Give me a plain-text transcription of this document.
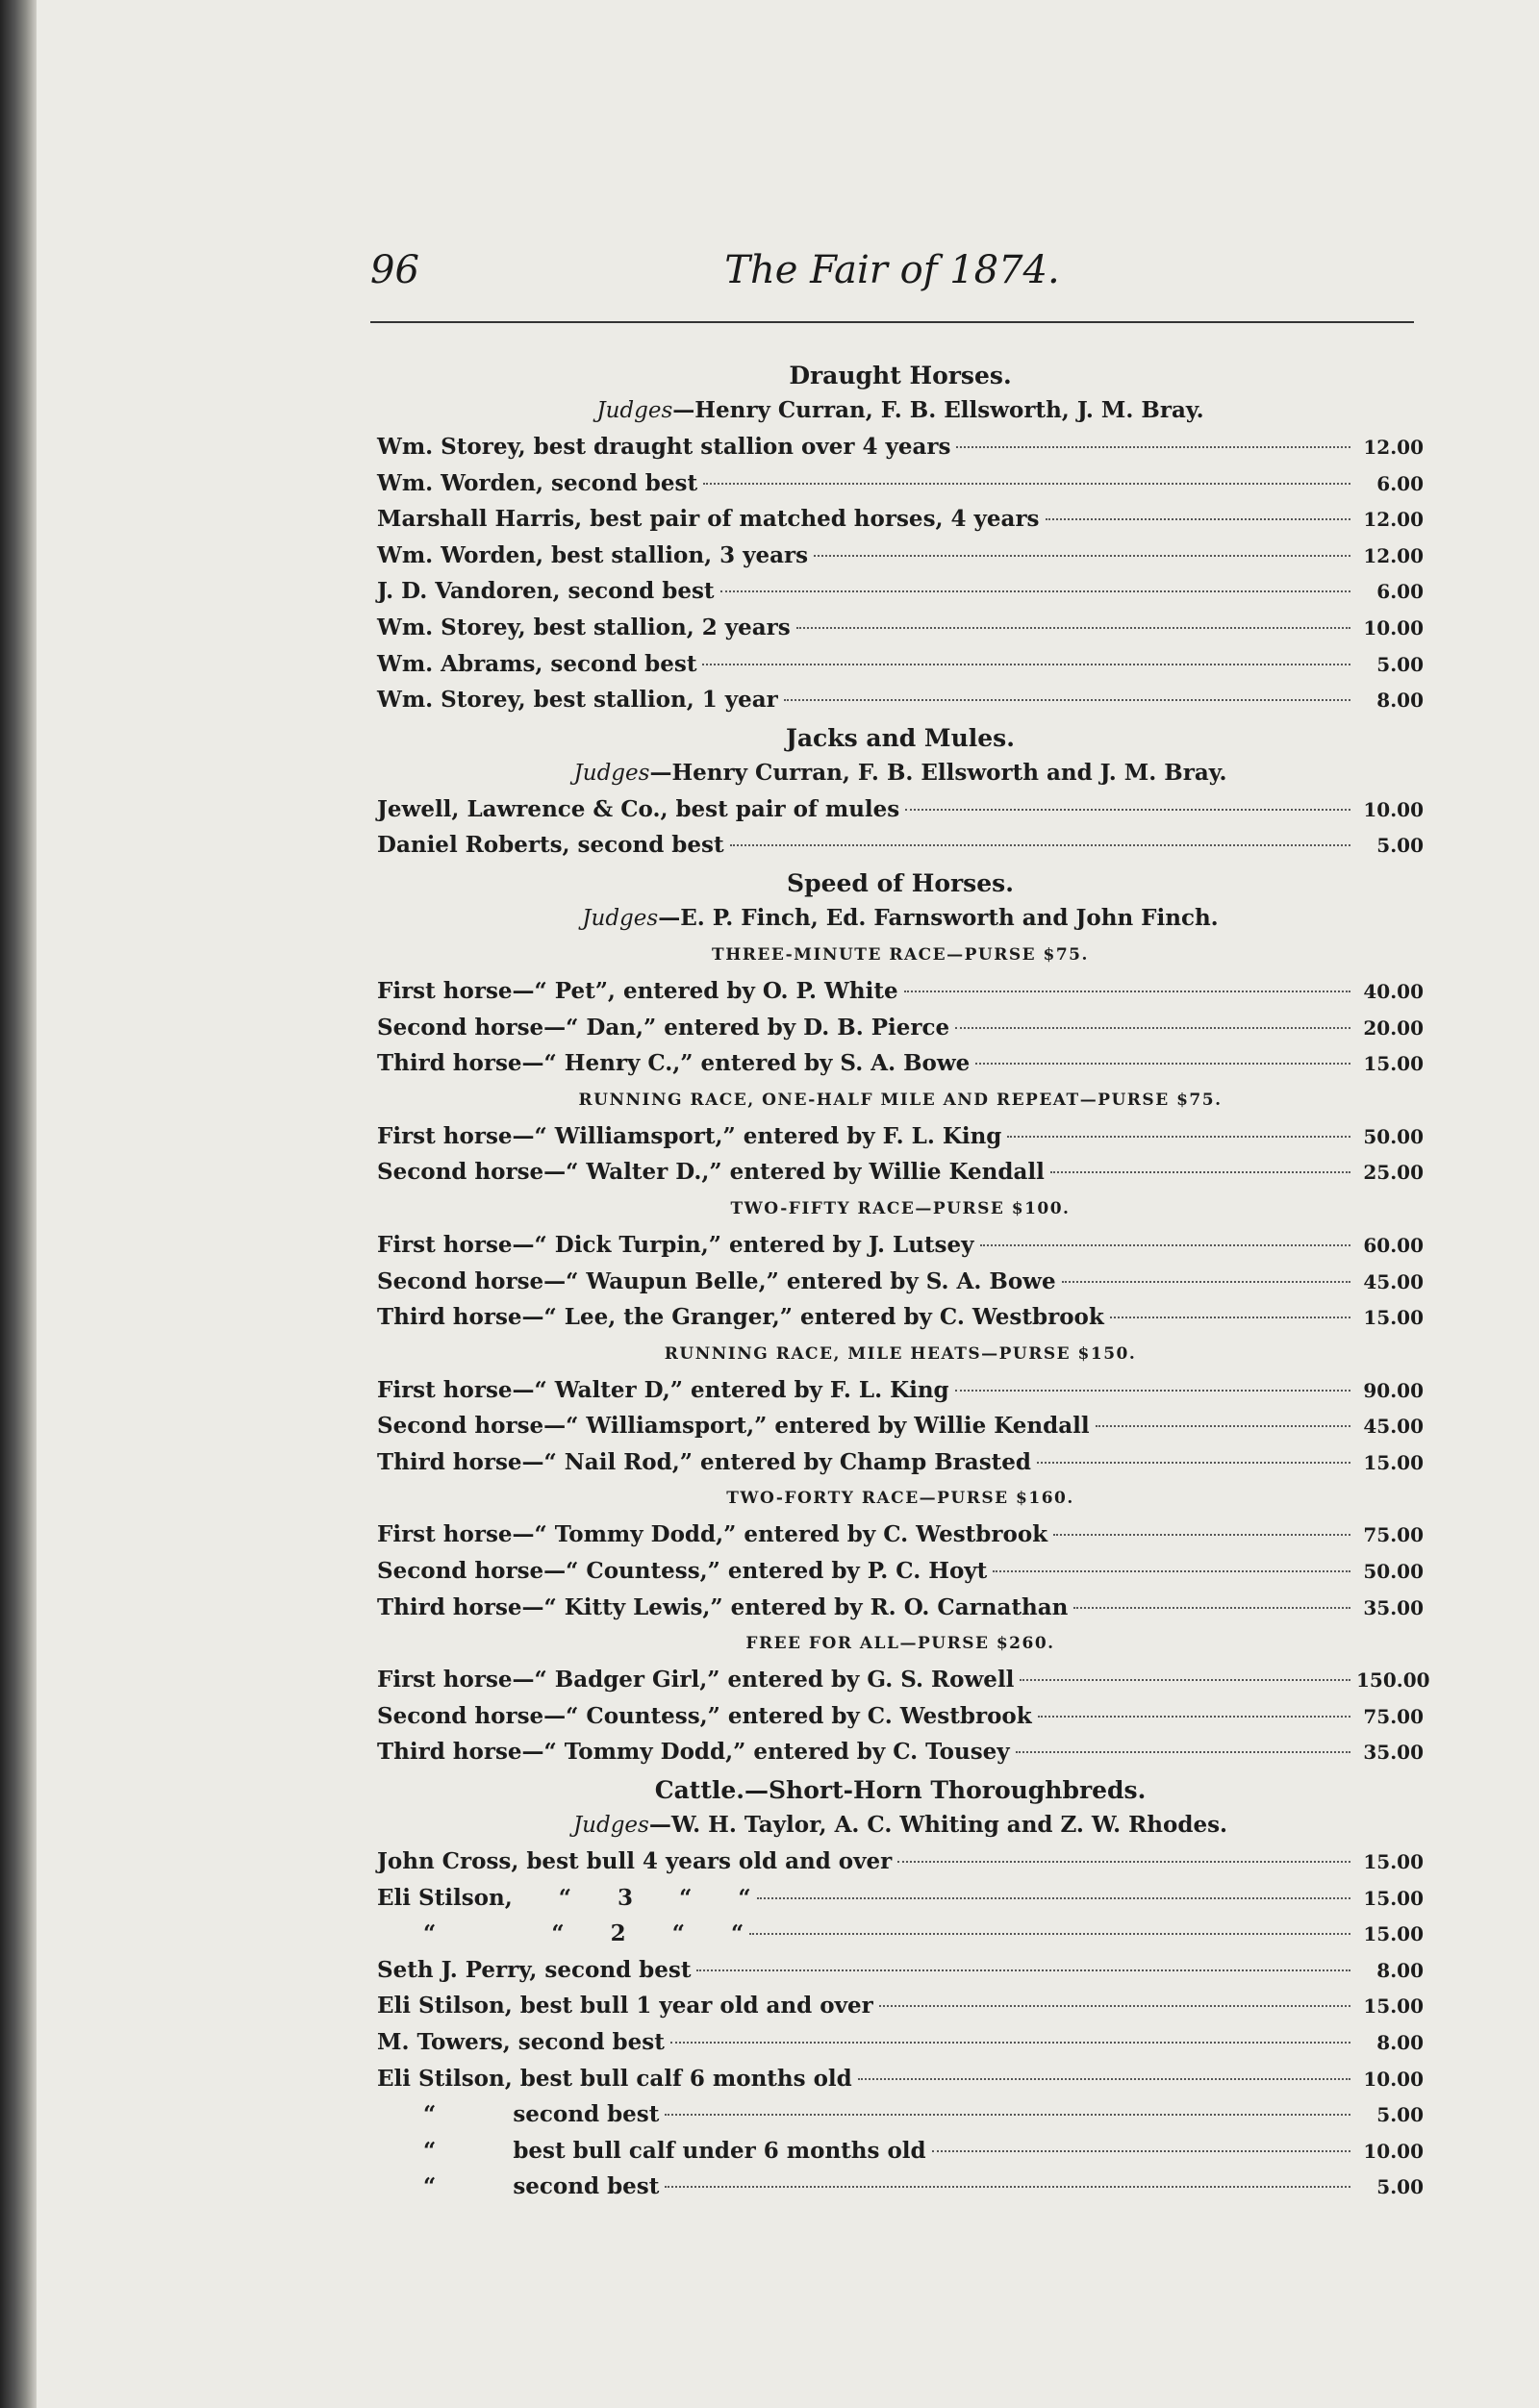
96	The Fair of 1874.
Draught Horses.
Judges—Henry Curran, F. B. Ellsworth, J. M. Bray.
Wm. Storey, best draught stallion over 4 years	12.00
Wm. Worden, second best	6.00
Marshall Harris, best pair of matched horses, 4 years	12.00
Wm. Worden, best stallion, 3 years	12.00
J. D. Vandoren, second best	6.00
Wm. Storey, best stallion, 2 years	10.00
Wm. Abrams, second best	5.00
Wm. Storey, best stallion, 1 year	8.00
Jacks and Mules.
Judges—Henry Curran, F. B. Ellsworth and J. M. Bray.
Jewell, Lawrence & Co., best pair of mules	10.00
Daniel Roberts, second best	5.00
Speed of Horses.
Judges—E. P. Finch, Ed. Farnsworth and John Finch.
THREE-MINUTE RACE—PURSE $75.
First horse—“ Pet”, entered by O. P. White	40.00
Second horse—“ Dan,” entered by D. B. Pierce	20.00
Third horse—“ Henry C.,” entered by S. A. Bowe	15.00
RUNNING RACE, ONE-HALF MILE AND REPEAT—PURSE $75.
First horse—“ Williamsport,” entered by F. L. King	50.00
Second horse—“ Walter D.,” entered by Willie Kendall	25.00
TWO-FIFTY RACE—PURSE $100.
First horse—“ Dick Turpin,” entered by J. Lutsey	60.00
Second horse—“ Waupun Belle,” entered by S. A. Bowe	45.00
Third horse—“ Lee, the Granger,” entered by C. Westbrook	15.00
RUNNING RACE, MILE HEATS—PURSE $150.
First horse—“ Walter D,” entered by F. L. King	90.00
Second horse—“ Williamsport,” entered by Willie Kendall	45.00
Third horse—“ Nail Rod,” entered by Champ Brasted	15.00
TWO-FORTY RACE—PURSE $160.
First horse—“ Tommy Dodd,” entered by C. Westbrook	75.00
Second horse—“ Countess,” entered by P. C. Hoyt	50.00
Third horse—“ Kitty Lewis,” entered by R. O. Carnathan	35.00
FREE FOR ALL—PURSE $260.
First horse—“ Badger Girl,” entered by G. S. Rowell	150.00
Second horse—“ Countess,” entered by C. Westbrook	75.00
Third horse—“ Tommy Dodd,” entered by C. Tousey	35.00
Cattle.—Short-Horn Thoroughbreds.
Judges—W. H. Taylor, A. C. Whiting and Z. W. Rhodes.
John Cross, best bull 4 years old and over	15.00
Eli Stilson,      “      3      “      “	15.00
“               “      2      “      “	15.00
Seth J. Perry, second best	8.00
Eli Stilson, best bull 1 year old and over	15.00
M. Towers, second best	8.00
Eli Stilson, best bull calf 6 months old	10.00
“          second best	5.00
“          best bull calf under 6 months old	10.00
“          second best	5.00
